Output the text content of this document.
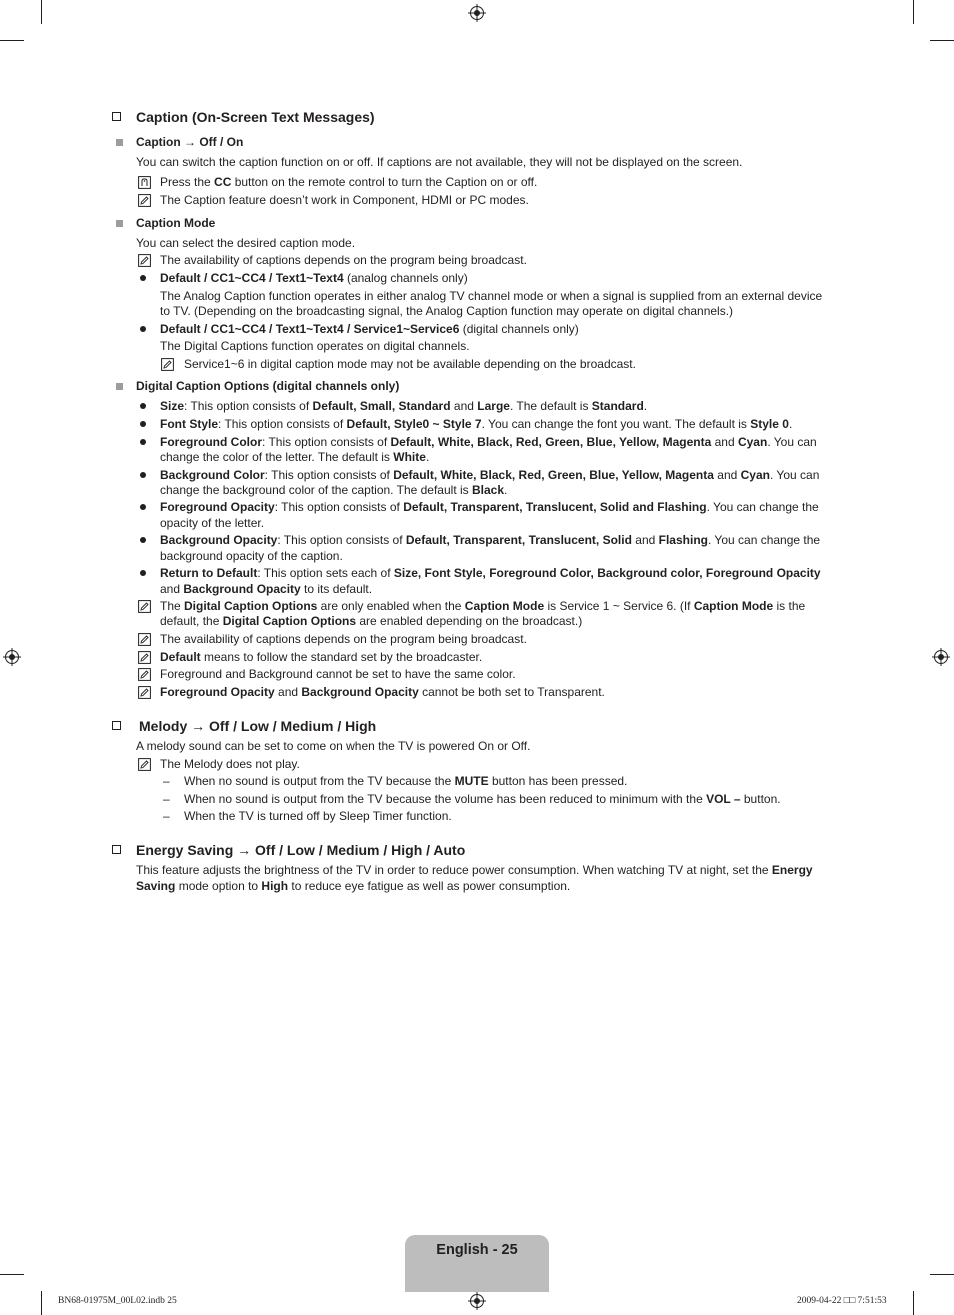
Caption (On-Screen Text Messages)
Caption → Off / On
You can switch the caption function on or off. If captions are not available, they will not be displayed on the screen.
Press the CC button on the remote control to turn the Caption on or off.
The Caption feature doesn’t work in Component, HDMI or PC modes.
Caption Mode
You can select the desired caption mode.
The availability of captions depends on the program being broadcast.
Default / CC1~CC4 / Text1~Text4 (analog channels only)
The Analog Caption function operates in either analog TV channel mode or when a signal is supplied from an external device
to TV. (Depending on the broadcasting signal, the Analog Caption function may operate on digital channels.)
Default / CC1~CC4 / Text1~Text4 / Service1~Service6 (digital channels only)
The Digital Captions function operates on digital channels.
Service1~6 in digital caption mode may not be available depending on the broadcast.
Digital Caption Options (digital channels only)
Size: This option consists of Default, Small, Standard and Large. The default is Standard.
Font Style: This option consists of Default, Style0 ~ Style 7. You can change the font you want. The default is Style 0.
Foreground Color: This option consists of Default, White, Black, Red, Green, Blue, Yellow, Magenta and Cyan. You can
change the color of the letter. The default is White.
Background Color: This option consists of Default, White, Black, Red, Green, Blue, Yellow, Magenta and Cyan. You can
change the background color of the caption. The default is Black.
Foreground Opacity: This option consists of Default, Transparent, Translucent, Solid and Flashing. You can change the
opacity of the letter.
Background Opacity: This option consists of Default, Transparent, Translucent, Solid and Flashing. You can change the
background opacity of the caption.
Return to Default: This option sets each of Size, Font Style, Foreground Color, Background color, Foreground Opacity
and Background Opacity to its default.
The Digital Caption Options are only enabled when the Caption Mode is Service 1 ~ Service 6. (If Caption Mode is the
default, the Digital Caption Options are enabled depending on the broadcast.)
The availability of captions depends on the program being broadcast.
Default means to follow the standard set by the broadcaster.
Foreground and Background cannot be set to have the same color.
Foreground Opacity and Background Opacity cannot be both set to Transparent.
Melody → Off / Low / Medium / High
A melody sound can be set to come on when the TV is powered On or Off.
The Melody does not play.
– When no sound is output from the TV because the MUTE button has been pressed.
– When no sound is output from the TV because the volume has been reduced to minimum with the VOL – button.
– When the TV is turned off by Sleep Timer function.
Energy Saving → Off / Low / Medium / High / Auto
This feature adjusts the brightness of the TV in order to reduce power consumption. When watching TV at night, set the Energy
Saving mode option to High to reduce eye fatigue as well as power consumption.
English - 25
BN68-01975M_00L02.indb 25	2009-04-22 □□ 7:51:53
